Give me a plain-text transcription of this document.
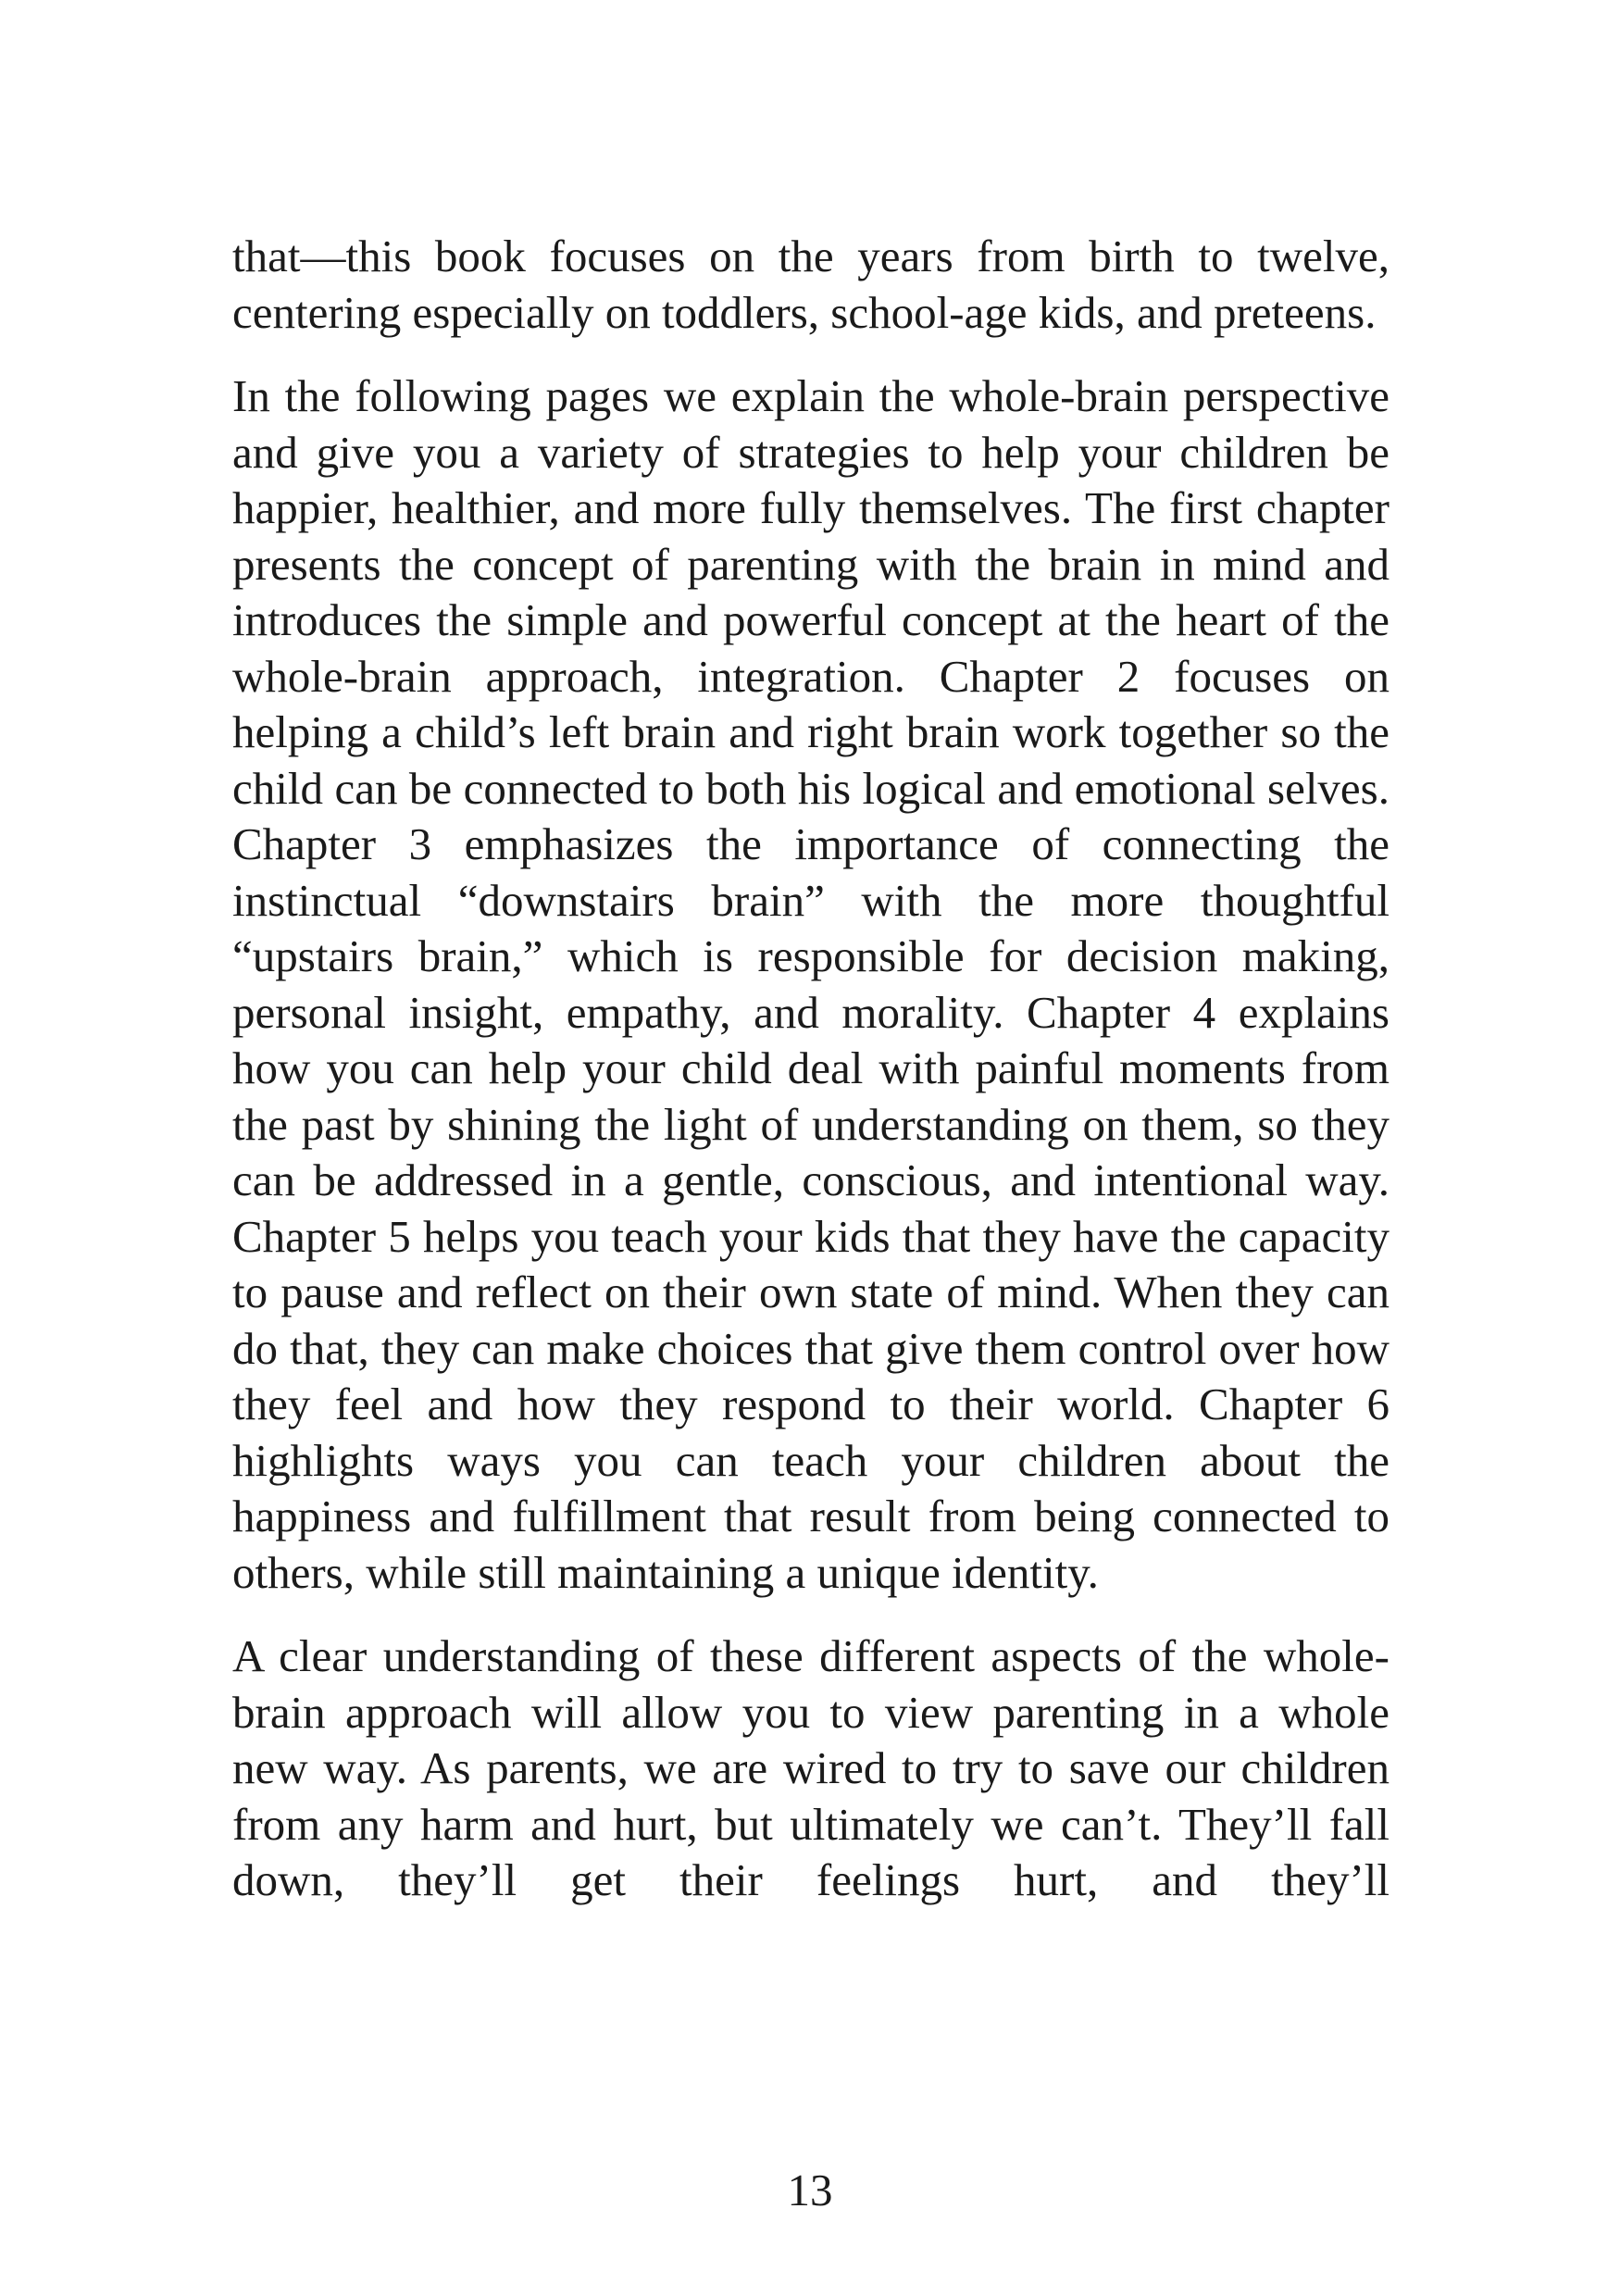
that—this book focuses on the years from birth to twelve, centering especially on toddlers, school-age kids, and preteens.

In the following pages we explain the whole-brain perspective and give you a variety of strategies to help your children be happier, healthier, and more fully themselves. The first chapter presents the concept of parenting with the brain in mind and introduces the simple and powerful concept at the heart of the whole-brain approach, integration. Chapter 2 focuses on helping a child’s left brain and right brain work together so the child can be connected to both his logical and emotional selves. Chapter 3 emphasizes the importance of connecting the instinctual “downstairs brain” with the more thoughtful “upstairs brain,” which is responsible for decision making, personal insight, empathy, and morality. Chapter 4 explains how you can help your child deal with painful moments from the past by shining the light of understanding on them, so they can be addressed in a gentle, conscious, and intentional way. Chapter 5 helps you teach your kids that they have the capacity to pause and reflect on their own state of mind. When they can do that, they can make choices that give them control over how they feel and how they respond to their world. Chapter 6 highlights ways you can teach your children about the happiness and fulfillment that result from being connected to others, while still maintaining a unique identity.

A clear understanding of these different aspects of the whole-brain approach will allow you to view parenting in a whole new way. As parents, we are wired to try to save our children from any harm and hurt, but ultimately we can’t. They’ll fall down, they’ll get their feelings hurt, and they’ll

13
